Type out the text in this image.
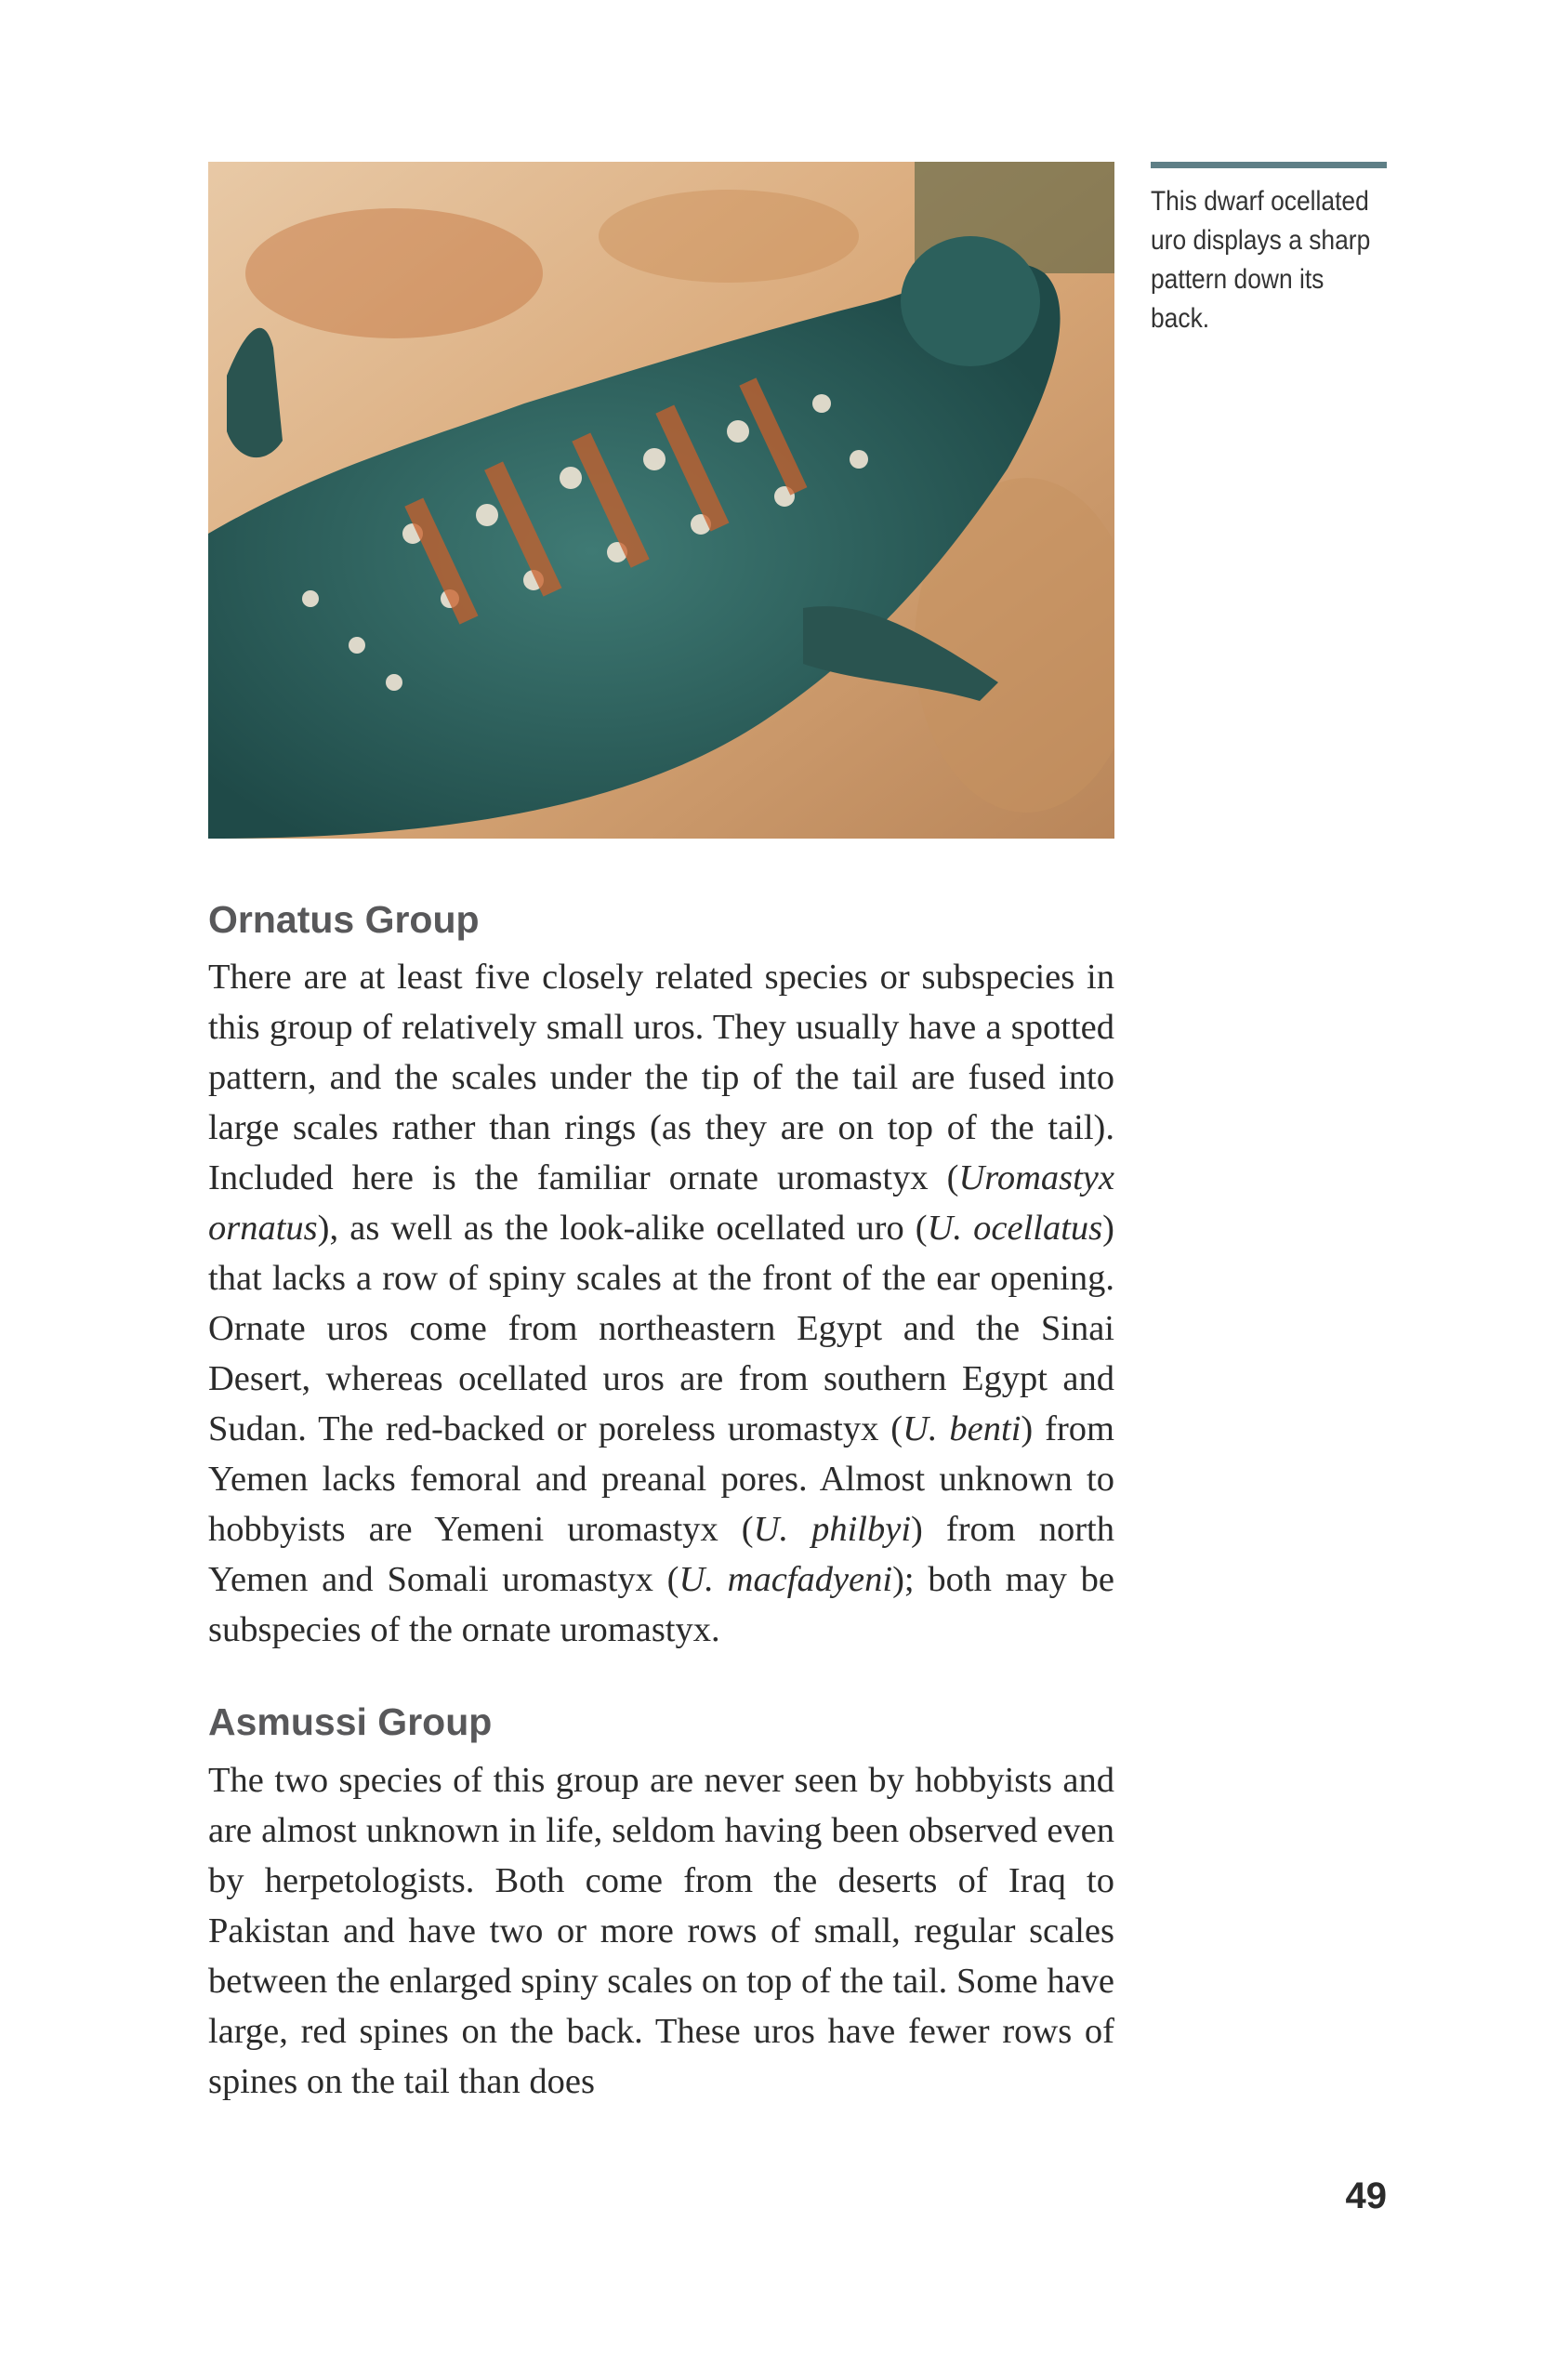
This dwarf ocellated uro displays a sharp pattern down its back.
Ornatus Group

There are at least five closely related species or subspecies in this group of relatively small uros. They usually have a spotted pattern, and the scales under the tip of the tail are fused into large scales rather than rings (as they are on top of the tail). Included here is the familiar ornate uromastyx (Uromastyx ornatus), as well as the look-alike ocellated uro (U. ocellatus) that lacks a row of spiny scales at the front of the ear opening. Ornate uros come from northeastern Egypt and the Sinai Desert, whereas ocellated uros are from southern Egypt and Sudan. The red-backed or poreless uromastyx (U. benti) from Yemen lacks femoral and preanal pores. Almost unknown to hobbyists are Yemeni uromastyx (U. philbyi) from north Yemen and Somali uromastyx (U. macfadyeni); both may be subspecies of the ornate uromastyx.

Asmussi Group

The two species of this group are never seen by hobbyists and are almost unknown in life, seldom having been observed even by herpetologists. Both come from the deserts of Iraq to Pakistan and have two or more rows of small, regular scales between the enlarged spiny scales on top of the tail. Some have large, red spines on the back. These uros have fewer rows of spines on the tail than does

49
